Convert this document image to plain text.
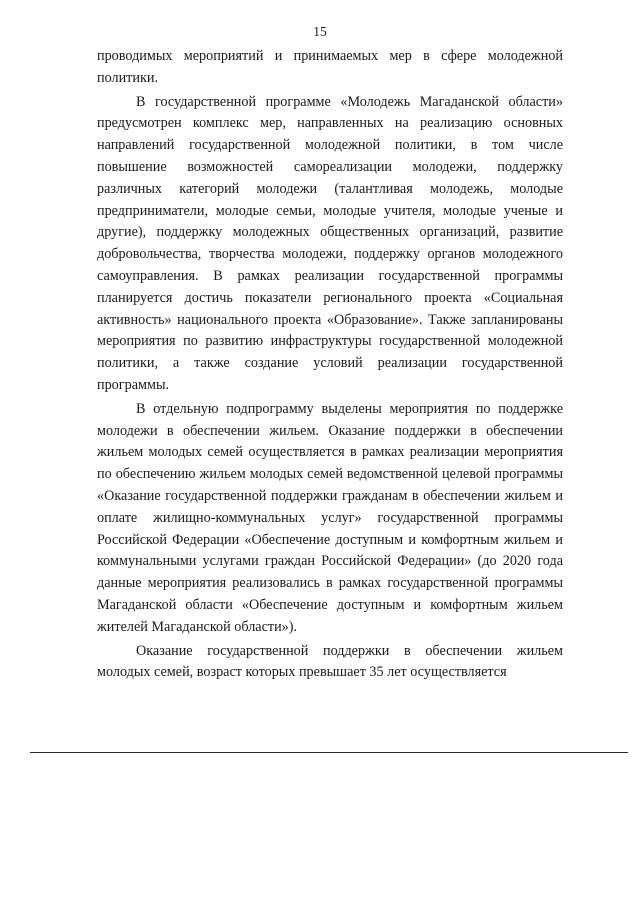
15

проводимых мероприятий и принимаемых мер в сфере молодежной политики.

В государственной программе «Молодежь Магаданской области» предусмотрен комплекс мер, направленных на реализацию основных направлений государственной молодежной политики, в том числе повышение возможностей самореализации молодежи, поддержку различных категорий молодежи (талантливая молодежь, молодые предприниматели, молодые семьи, молодые учителя, молодые ученые и другие), поддержку молодежных общественных организаций, развитие добровольчества, творчества молодежи, поддержку органов молодежного самоуправления. В рамках реализации государственной программы планируется достичь показатели регионального проекта «Социальная активность» национального проекта «Образование». Также запланированы мероприятия по развитию инфраструктуры государственной молодежной политики, а также создание условий реализации государственной программы.

В отдельную подпрограмму выделены мероприятия по поддержке молодежи в обеспечении жильем. Оказание поддержки в обеспечении жильем молодых семей осуществляется в рамках реализации мероприятия по обеспечению жильем молодых семей ведомственной целевой программы «Оказание государственной поддержки гражданам в обеспечении жильем и оплате жилищно-коммунальных услуг» государственной программы Российской Федерации «Обеспечение доступным и комфортным жильем и коммунальными услугами граждан Российской Федерации» (до 2020 года данные мероприятия реализовались в рамках государственной программы Магаданской области «Обеспечение доступным и комфортным жильем жителей Магаданской области»).

Оказание государственной поддержки в обеспечении жильем молодых семей, возраст которых превышает 35 лет осуществляется
